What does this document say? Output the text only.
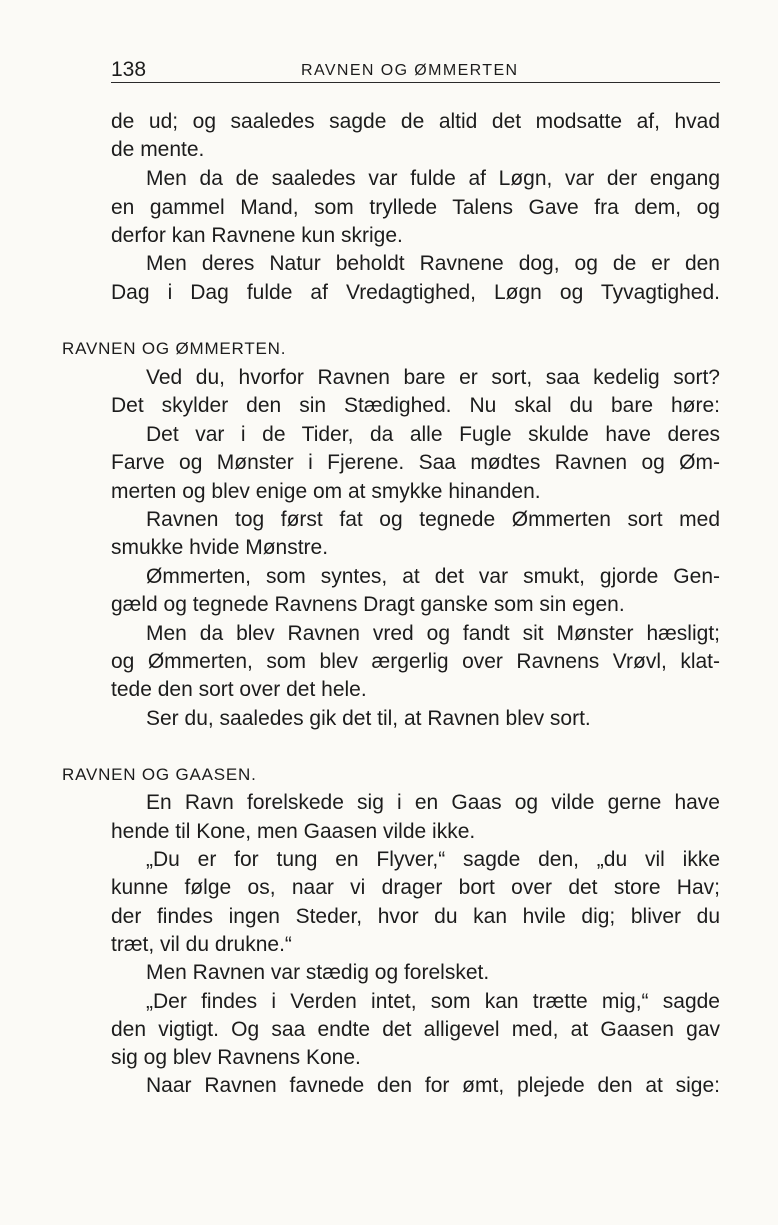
138	RAVNEN OG ØMMERTEN
de ud; og saaledes sagde de altid det modsatte af, hvad
de mente.
Men da de saaledes var fulde af Løgn, var der engang
en gammel Mand, som tryllede Talens Gave fra dem, og
derfor kan Ravnene kun skrige.
Men deres Natur beholdt Ravnene dog, og de er den
Dag i Dag fulde af Vredagtighed, Løgn og Tyvagtighed.
RAVNEN OG ØMMERTEN.
Ved du, hvorfor Ravnen bare er sort, saa kedelig sort?
Det skylder den sin Stædighed. Nu skal du bare høre:
Det var i de Tider, da alle Fugle skulde have deres
Farve og Mønster i Fjerene. Saa mødtes Ravnen og Øm-
merten og blev enige om at smykke hinanden.
Ravnen tog først fat og tegnede Ømmerten sort med
smukke hvide Mønstre.
Ømmerten, som syntes, at det var smukt, gjorde Gen-
gæld og tegnede Ravnens Dragt ganske som sin egen.
Men da blev Ravnen vred og fandt sit Mønster hæsligt;
og Ømmerten, som blev ærgerlig over Ravnens Vrøvl, klat-
tede den sort over det hele.
Ser du, saaledes gik det til, at Ravnen blev sort.
RAVNEN OG GAASEN.
En Ravn forelskede sig i en Gaas og vilde gerne have
hende til Kone, men Gaasen vilde ikke.
„Du er for tung en Flyver,“ sagde den, „du vil ikke
kunne følge os, naar vi drager bort over det store Hav;
der findes ingen Steder, hvor du kan hvile dig; bliver du
træt, vil du drukne.“
Men Ravnen var stædig og forelsket.
„Der findes i Verden intet, som kan trætte mig,“ sagde
den vigtigt. Og saa endte det alligevel med, at Gaasen gav
sig og blev Ravnens Kone.
Naar Ravnen favnede den for ømt, plejede den at sige:
